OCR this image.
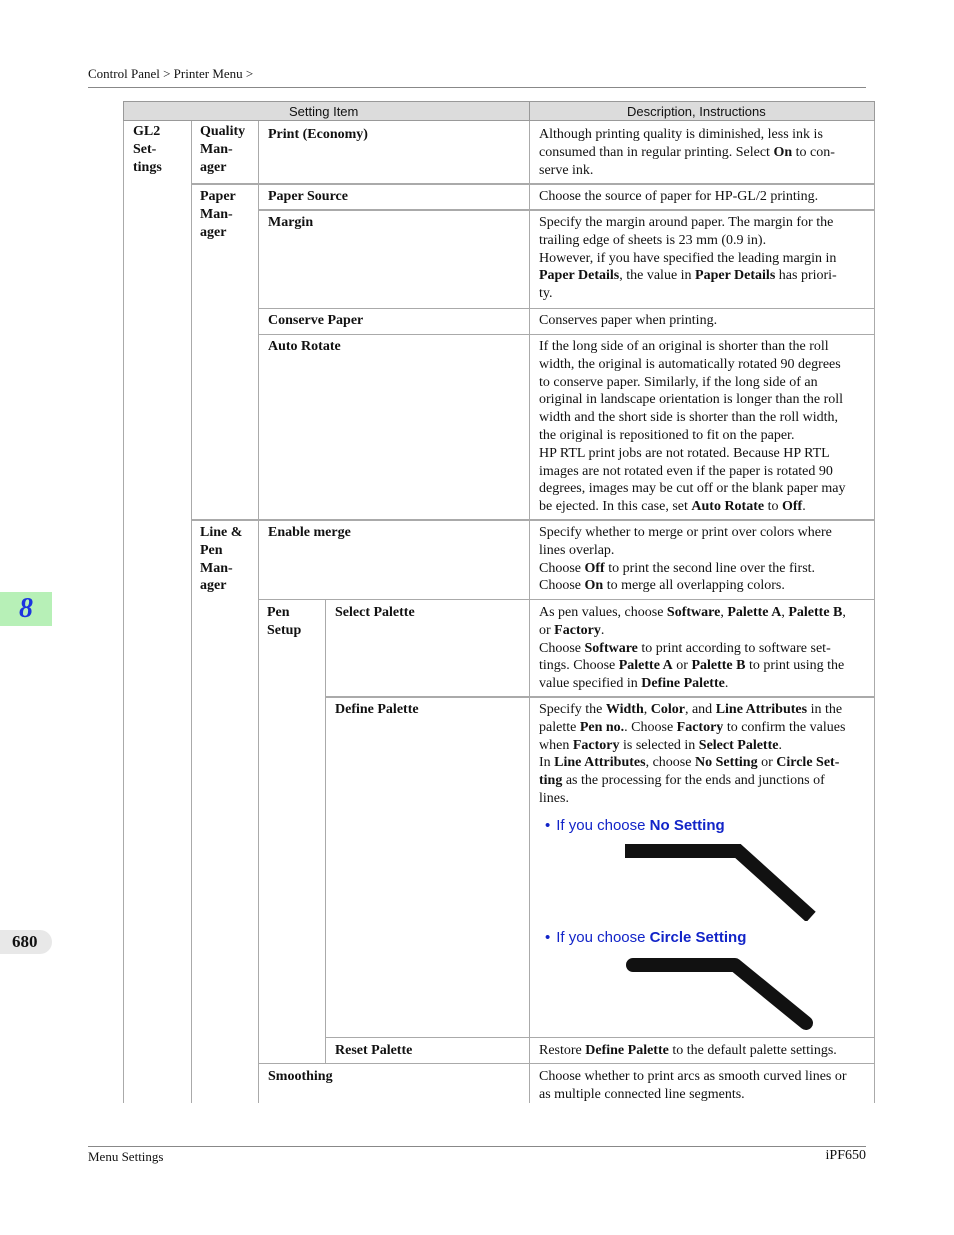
Control Panel > Printer Menu >
8
680
Setting Item	Description, Instructions
GL2
Set-
tings
Quality
Man-
ager
Paper
Man-
ager
Line &
Pen
Man-
ager
Pen
Setup
Print (Economy)
Paper Source
Margin
Conserve Paper
Auto Rotate
Enable merge
Select Palette
Define Palette
Reset Palette
Smoothing
Although printing quality is diminished, less ink is
consumed than in regular printing. Select On to con-
serve ink.
Choose the source of paper for HP-GL/2 printing.
Specify the margin around paper. The margin for the
trailing edge of sheets is 23 mm (0.9 in).
However, if you have specified the leading margin in
Paper Details, the value in Paper Details has priori-
ty.
Conserves paper when printing.
If the long side of an original is shorter than the roll
width, the original is automatically rotated 90 degrees
to conserve paper. Similarly, if the long side of an
original in landscape orientation is longer than the roll
width and the short side is shorter than the roll width,
the original is repositioned to fit on the paper.
HP RTL print jobs are not rotated. Because HP RTL
images are not rotated even if the paper is rotated 90
degrees, images may be cut off or the blank paper may
be ejected. In this case, set Auto Rotate to Off.
Specify whether to merge or print over colors where
lines overlap.
Choose Off to print the second line over the first.
Choose On to merge all overlapping colors.
As pen values, choose Software, Palette A, Palette B,
or Factory.
Choose Software to print according to software set-
tings. Choose Palette A or Palette B to print using the
value specified in Define Palette.
Specify the Width, Color, and Line Attributes in the
palette Pen no.. Choose Factory to confirm the values
when Factory is selected in Select Palette.
In Line Attributes, choose No Setting or Circle Set-
ting as the processing for the ends and junctions of
lines.
• If you choose No Setting
• If you choose Circle Setting
Restore Define Palette to the default palette settings.
Choose whether to print arcs as smooth curved lines or
as multiple connected line segments.
Menu Settings	iPF650
